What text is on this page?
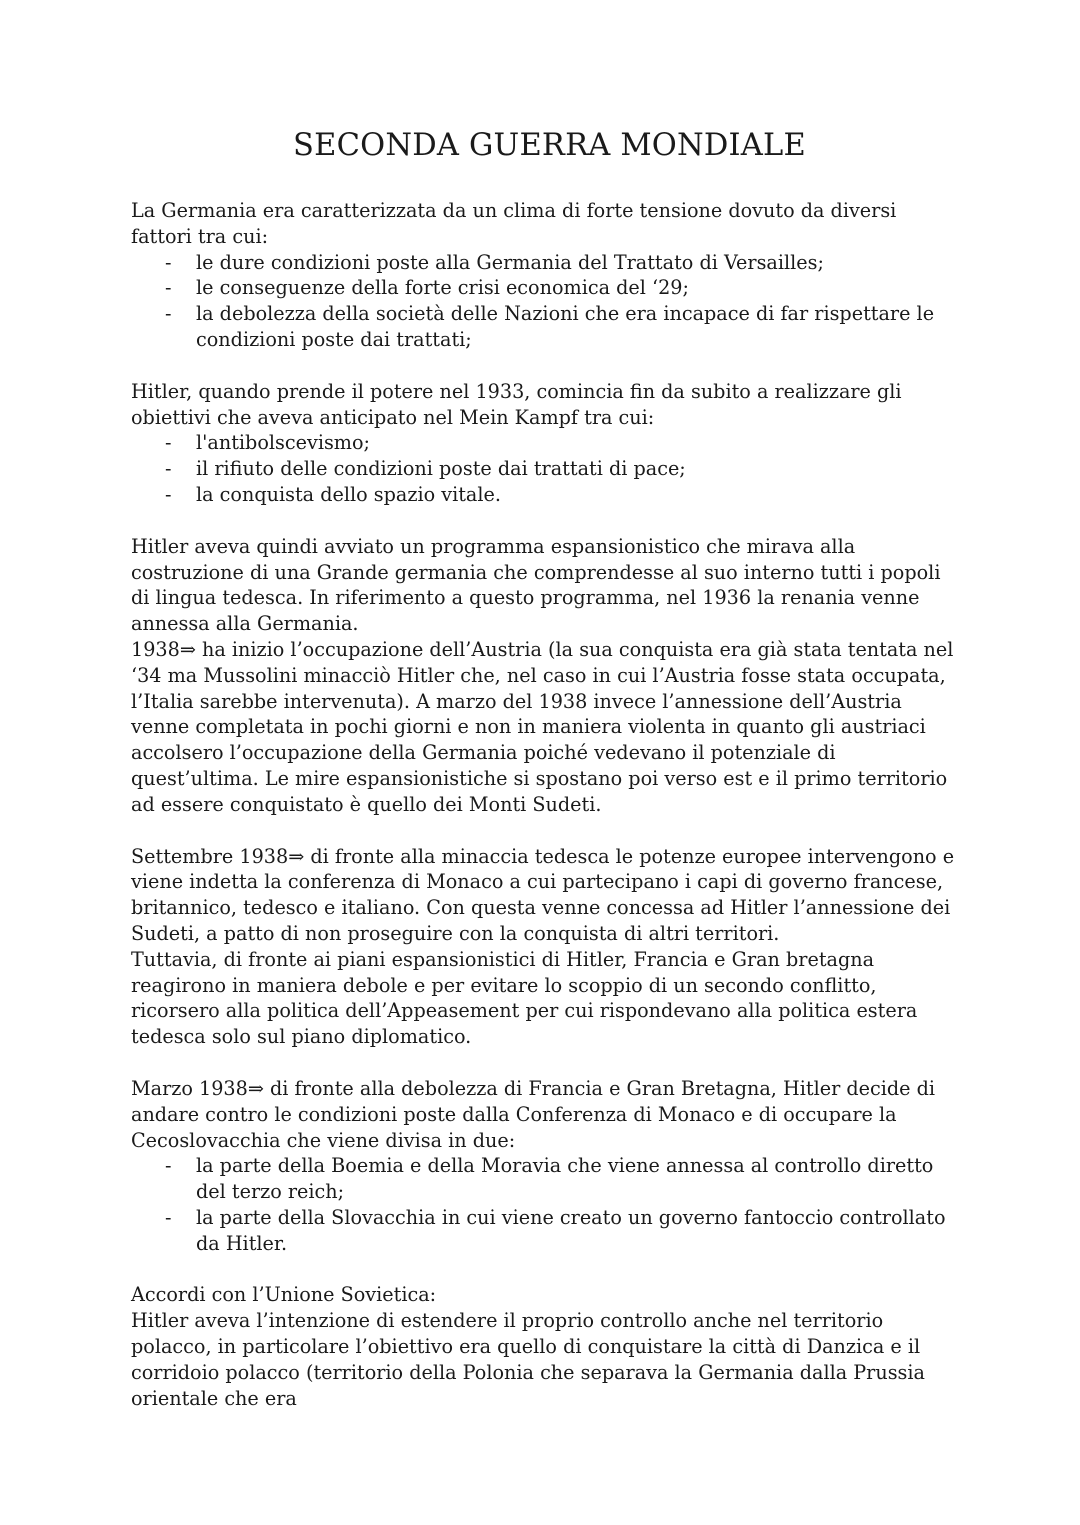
SECONDA GUERRA MONDIALE

La Germania era caratterizzata da un clima di forte tensione dovuto da diversi fattori tra cui:

- le dure condizioni poste alla Germania del Trattato di Versailles;
- le conseguenze della forte crisi economica del ‘29;
- la debolezza della società delle Nazioni che era incapace di far rispettare le condizioni poste dai trattati;

Hitler, quando prende il potere nel 1933, comincia fin da subito a realizzare gli obiettivi che aveva anticipato nel Mein Kampf tra cui:

- l'antibolscevismo;
- il rifiuto delle condizioni poste dai trattati di pace;
- la conquista dello spazio vitale.

Hitler aveva quindi avviato un programma espansionistico che mirava alla costruzione di una Grande germania che comprendesse al suo interno tutti i popoli di lingua tedesca. In riferimento a questo programma, nel 1936 la renania venne annessa alla Germania.

1938⇒ ha inizio l’occupazione dell’Austria (la sua conquista era già stata tentata nel ‘34 ma Mussolini minacciò Hitler che, nel caso in cui l’Austria fosse stata occupata, l’Italia sarebbe intervenuta). A marzo del 1938 invece l’annessione dell’Austria venne completata in pochi giorni e non in maniera violenta in quanto gli austriaci accolsero l’occupazione della Germania poiché vedevano il potenziale di quest’ultima. Le mire espansionistiche si spostano poi verso est e il primo territorio ad essere conquistato è quello dei Monti Sudeti.

Settembre 1938⇒ di fronte alla minaccia tedesca le potenze europee intervengono e viene indetta la conferenza di Monaco a cui partecipano i capi di governo francese, britannico, tedesco e italiano. Con questa venne concessa ad Hitler l’annessione dei Sudeti, a patto di non proseguire con la conquista di altri territori.

Tuttavia, di fronte ai piani espansionistici di Hitler, Francia e Gran bretagna reagirono in maniera debole e per evitare lo scoppio di un secondo conflitto, ricorsero alla politica dell’Appeasement per cui rispondevano alla politica estera tedesca solo sul piano diplomatico.

Marzo 1938⇒ di fronte alla debolezza di Francia e Gran Bretagna, Hitler decide di andare contro le condizioni poste dalla Conferenza di Monaco e di occupare la Cecoslovacchia che viene divisa in due:

- la parte della Boemia e della Moravia che viene annessa al controllo diretto del terzo reich;
- la parte della Slovacchia in cui viene creato un governo fantoccio controllato da Hitler.

Accordi con l’Unione Sovietica:

Hitler aveva l’intenzione di estendere il proprio controllo anche nel territorio polacco, in particolare l’obiettivo era quello di conquistare la città di Danzica e il corridoio polacco (territorio della Polonia che separava la Germania dalla Prussia orientale che era
